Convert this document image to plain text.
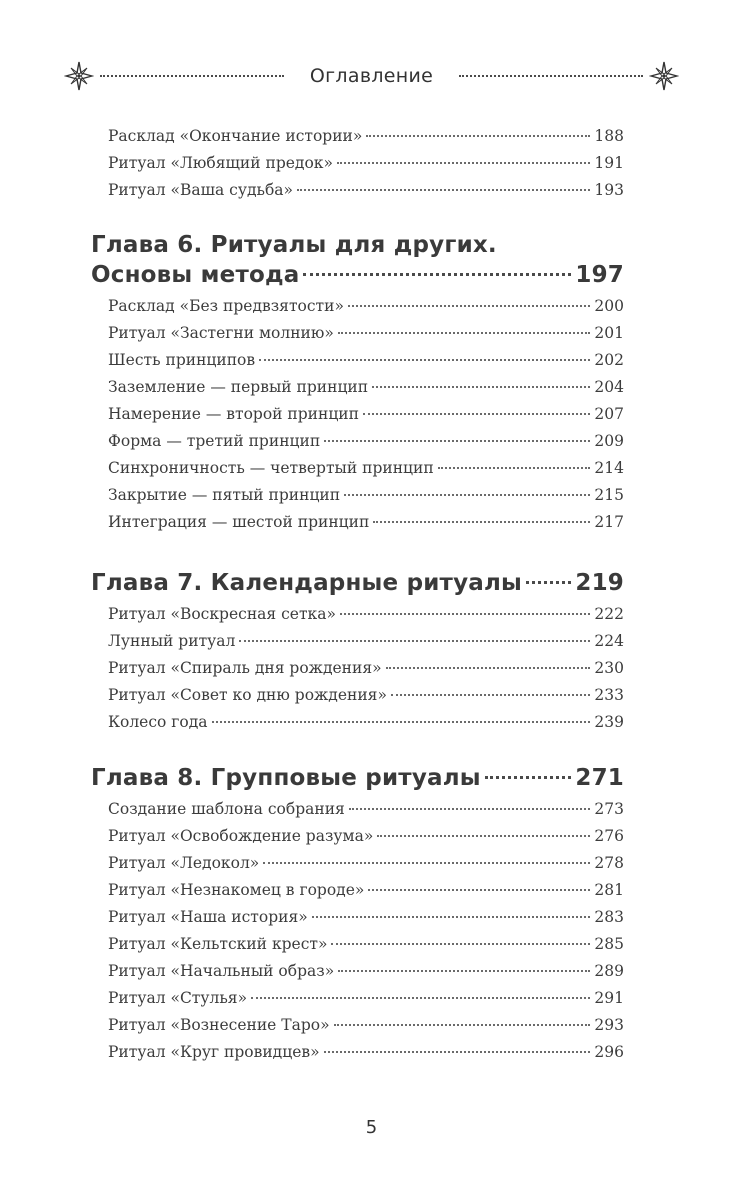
Оглавление
Расклад «Окончание истории»	188
Ритуал «Любящий предок»	191
Ритуал «Ваша судьба»	193
Глава 6. Ритуалы для других.
Основы метода	197
Расклад «Без предвзятости»	200
Ритуал «Застегни молнию»	201
Шесть принципов	202
Заземление — первый принцип	204
Намерение — второй принцип	207
Форма — третий принцип	209
Синхроничность — четвертый принцип	214
Закрытие — пятый принцип	215
Интеграция — шестой принцип	217
Глава 7. Календарные ритуалы 219
Ритуал «Воскресная сетка»	222
Лунный ритуал	224
Ритуал «Спираль дня рождения»	230
Ритуал «Совет ко дню рождения»	233
Колесо года	239
Глава 8. Групповые ритуалы	271
Создание шаблона собрания	273
Ритуал «Освобождение разума»	276
Ритуал «Ледокол»	278
Ритуал «Незнакомец в городе»	281
Ритуал «Наша история»	283
Ритуал «Кельтский крест»	285
Ритуал «Начальный образ»	289
Ритуал «Стулья»	291
Ритуал «Вознесение Таро»	293
Ритуал «Круг провидцев»	296
5
